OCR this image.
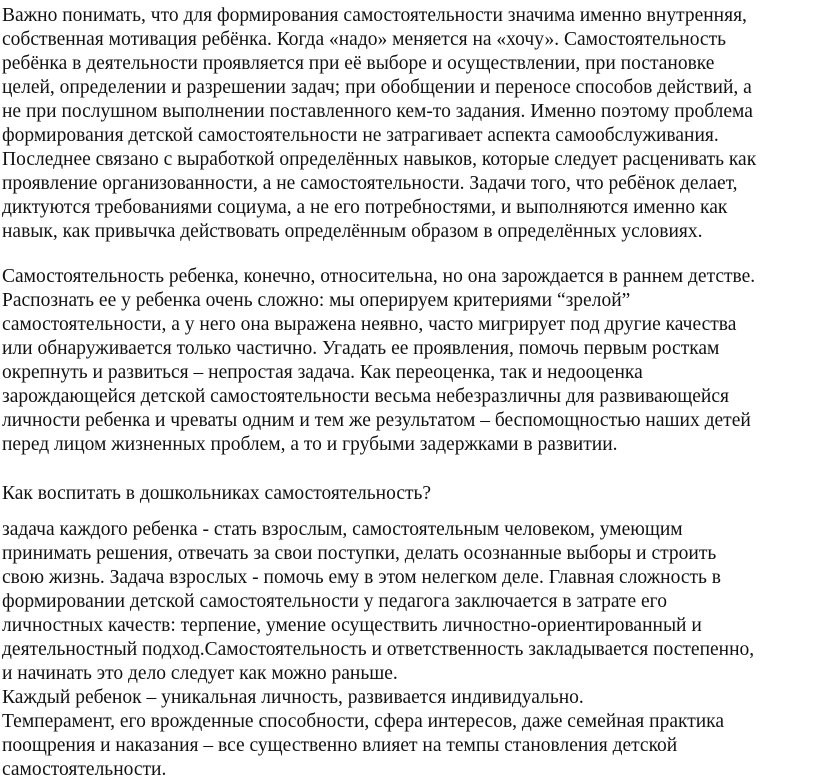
Важно понимать, что для формирования самостоятельности значима именно внутренняя,
собственная мотивация ребёнка. Когда «надо» меняется на «хочу». Самостоятельность
ребёнка в деятельности проявляется при её выборе и осуществлении, при постановке
целей, определении и разрешении задач; при обобщении и переносе способов действий, а
не при послушном выполнении поставленного кем-то задания. Именно поэтому проблема
формирования детской самостоятельности не затрагивает аспекта самообслуживания.
Последнее связано с выработкой определённых навыков, которые следует расценивать как
проявление организованности, а не самостоятельности. Задачи того, что ребёнок делает,
диктуются требованиями социума, а не его потребностями, и выполняются именно как
навык, как привычка действовать определённым образом в определённых условиях.
Самостоятельность ребенка, конечно, относительна, но она зарождается в раннем детстве.
Распознать ее у ребенка очень сложно: мы оперируем критериями “зрелой”
самостоятельности, а у него она выражена неявно, часто мигрирует под другие качества
или обнаруживается только частично. Угадать ее проявления, помочь первым росткам
окрепнуть и развиться – непростая задача. Как переоценка, так и недооценка
зарождающейся детской самостоятельности весьма небезразличны для развивающейся
личности ребенка и чреваты одним и тем же результатом – беспомощностью наших детей
перед лицом жизненных проблем, а то и грубыми задержками в развитии.
Как воспитать в дошкольниках самостоятельность?
задача каждого ребенка - стать взрослым, самостоятельным человеком, умеющим
принимать решения, отвечать за свои поступки, делать осознанные выборы и строить
свою жизнь. Задача взрослых - помочь ему в этом нелегком деле. Главная сложность в
формировании детской самостоятельности у педагога заключается в затрате его
личностных качеств: терпение, умение осуществить личностно-ориентированный и
деятельностный подход.Самостоятельность и ответственность закладывается постепенно,
и начинать это дело следует как можно раньше.
Каждый ребенок – уникальная личность, развивается индивидуально.
Темперамент, его врожденные способности, сфера интересов, даже семейная практика
поощрения и наказания – все существенно влияет на темпы становления детской
самостоятельности.
